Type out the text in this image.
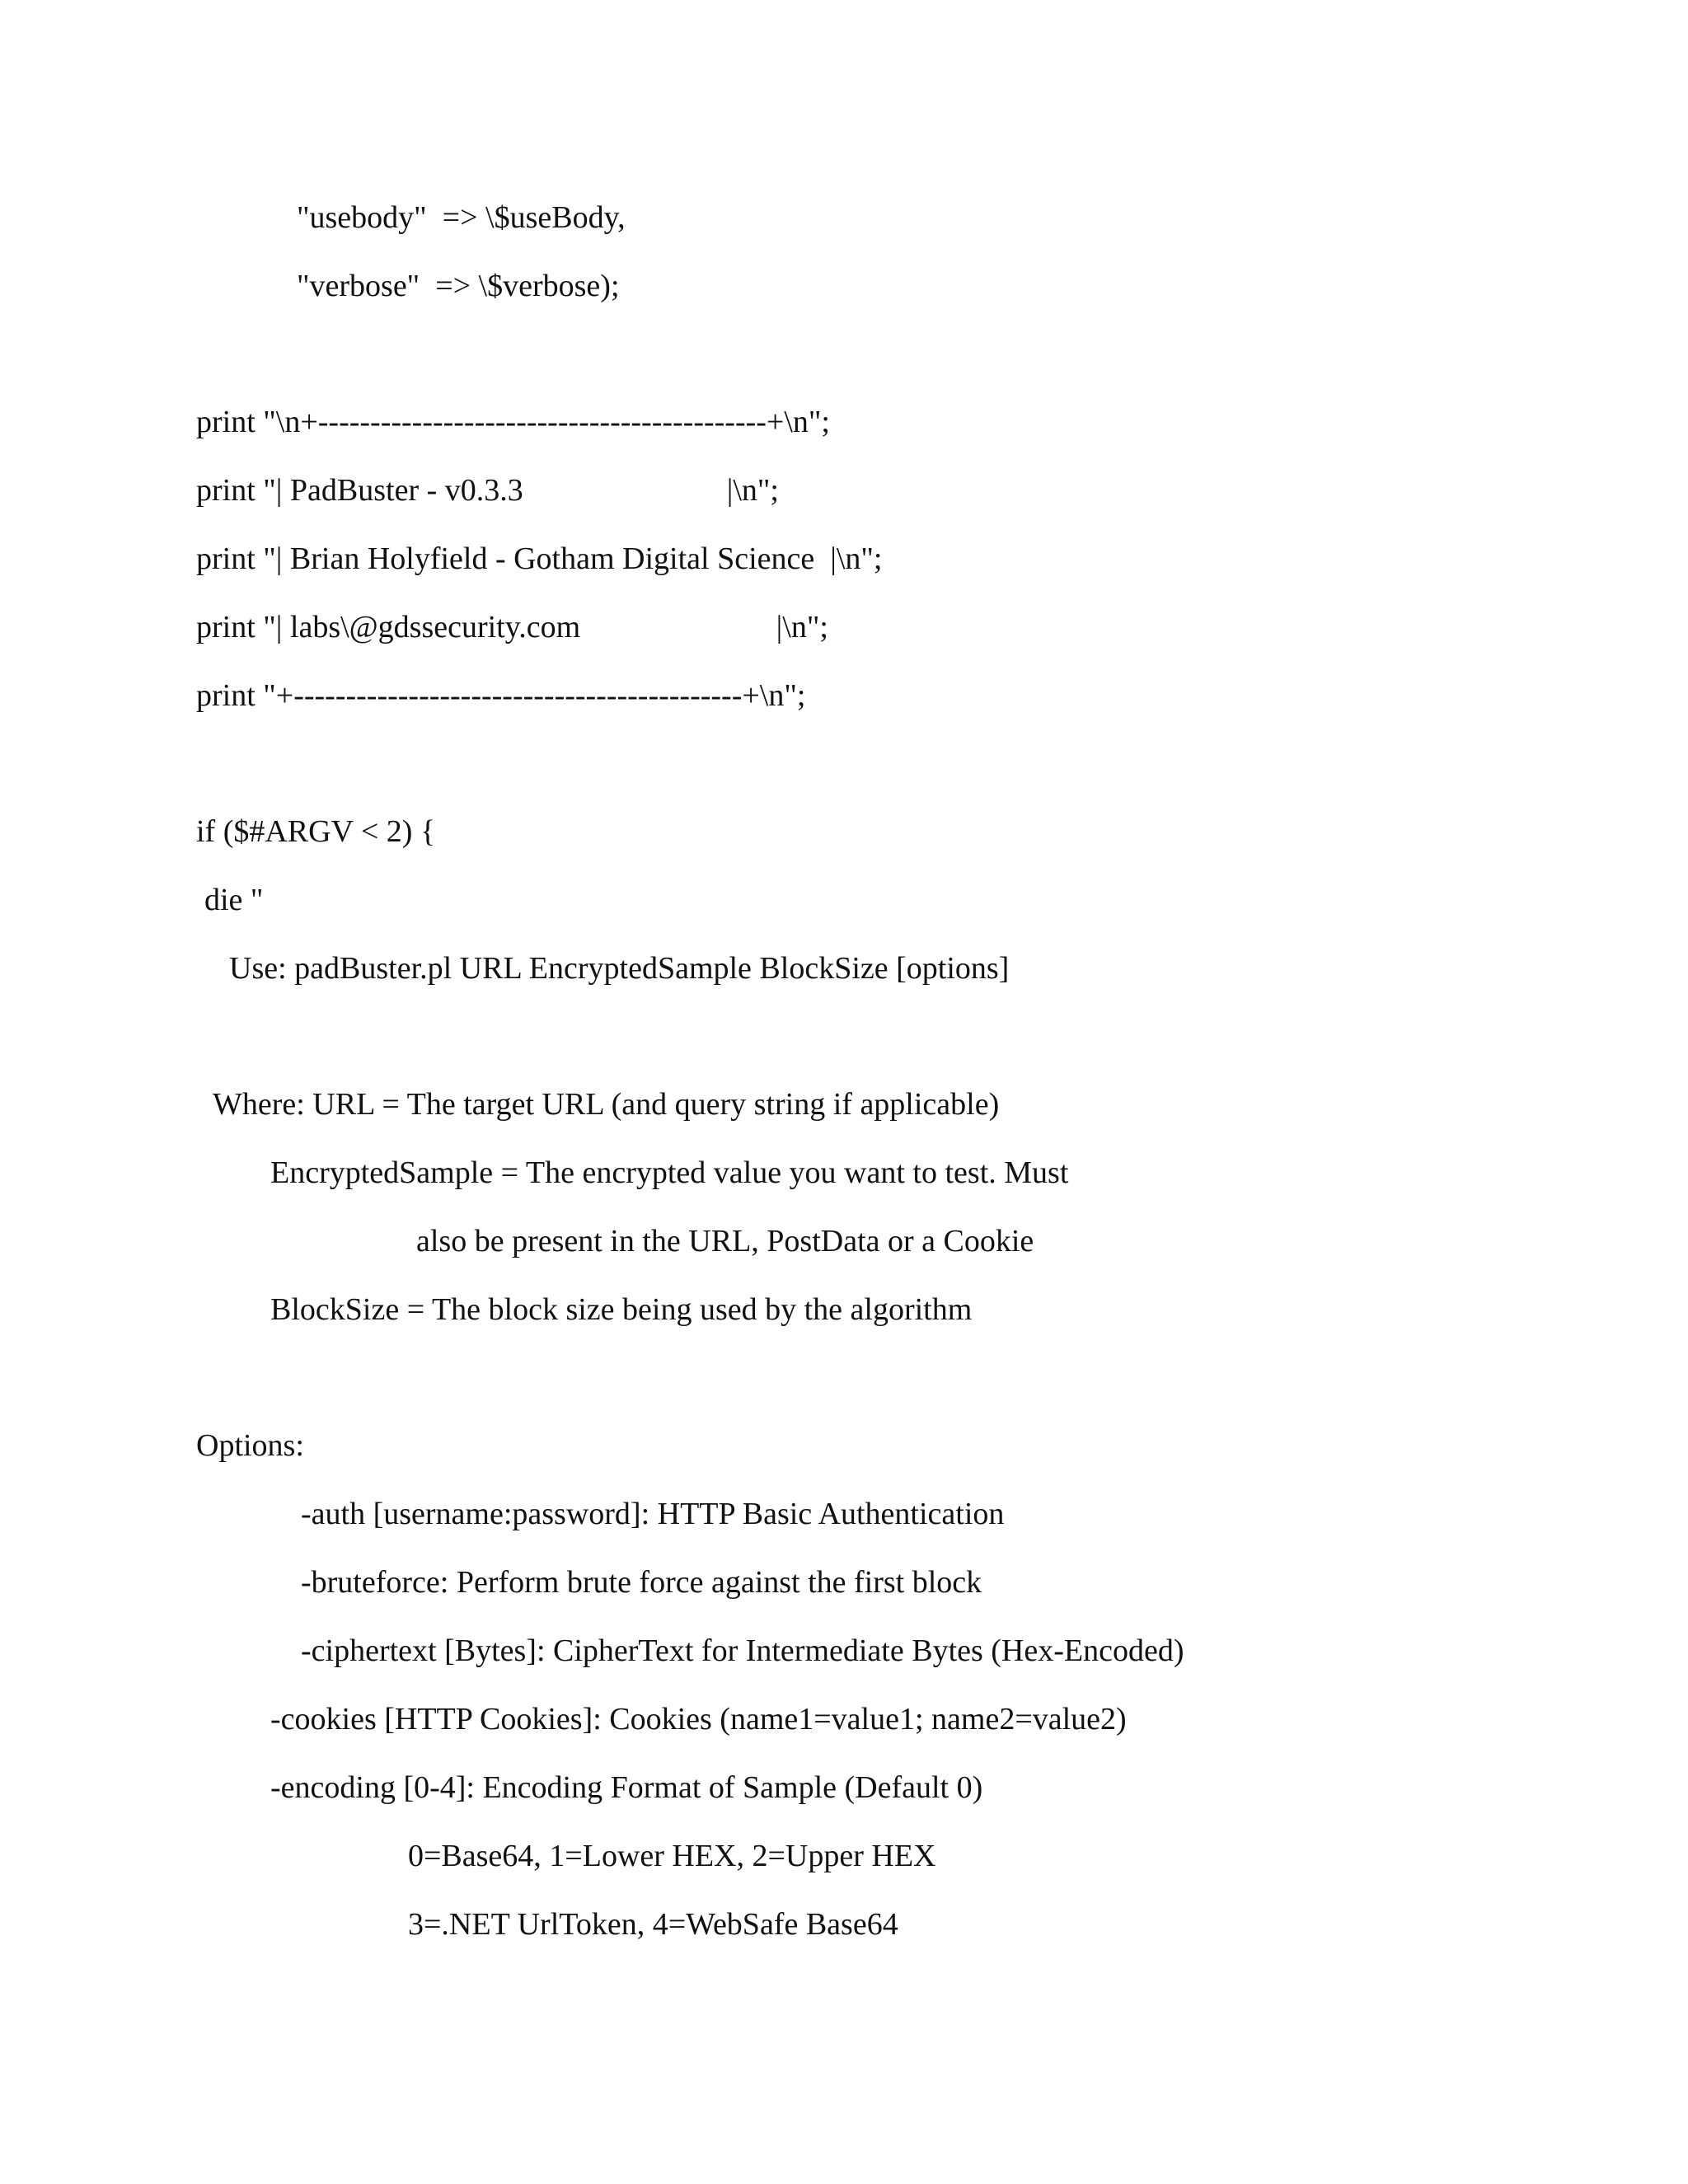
"usebody"  => \$useBody,
"verbose"  => \$verbose);
print "\n+-------------------------------------------+\n";
print "| PadBuster - v0.3.3                          |\n";
print "| Brian Holyfield - Gotham Digital Science  |\n";
print "| labs\@gdssecurity.com                         |\n";
print "+-------------------------------------------+\n";
if ($#ARGV < 2) {
die "
Use: padBuster.pl URL EncryptedSample BlockSize [options]
Where: URL = The target URL (and query string if applicable)
EncryptedSample = The encrypted value you want to test. Must
also be present in the URL, PostData or a Cookie
BlockSize = The block size being used by the algorithm
Options:
-auth [username:password]: HTTP Basic Authentication
-bruteforce: Perform brute force against the first block
-ciphertext [Bytes]: CipherText for Intermediate Bytes (Hex-Encoded)
-cookies [HTTP Cookies]: Cookies (name1=value1; name2=value2)
-encoding [0-4]: Encoding Format of Sample (Default 0)
0=Base64, 1=Lower HEX, 2=Upper HEX
3=.NET UrlToken, 4=WebSafe Base64
